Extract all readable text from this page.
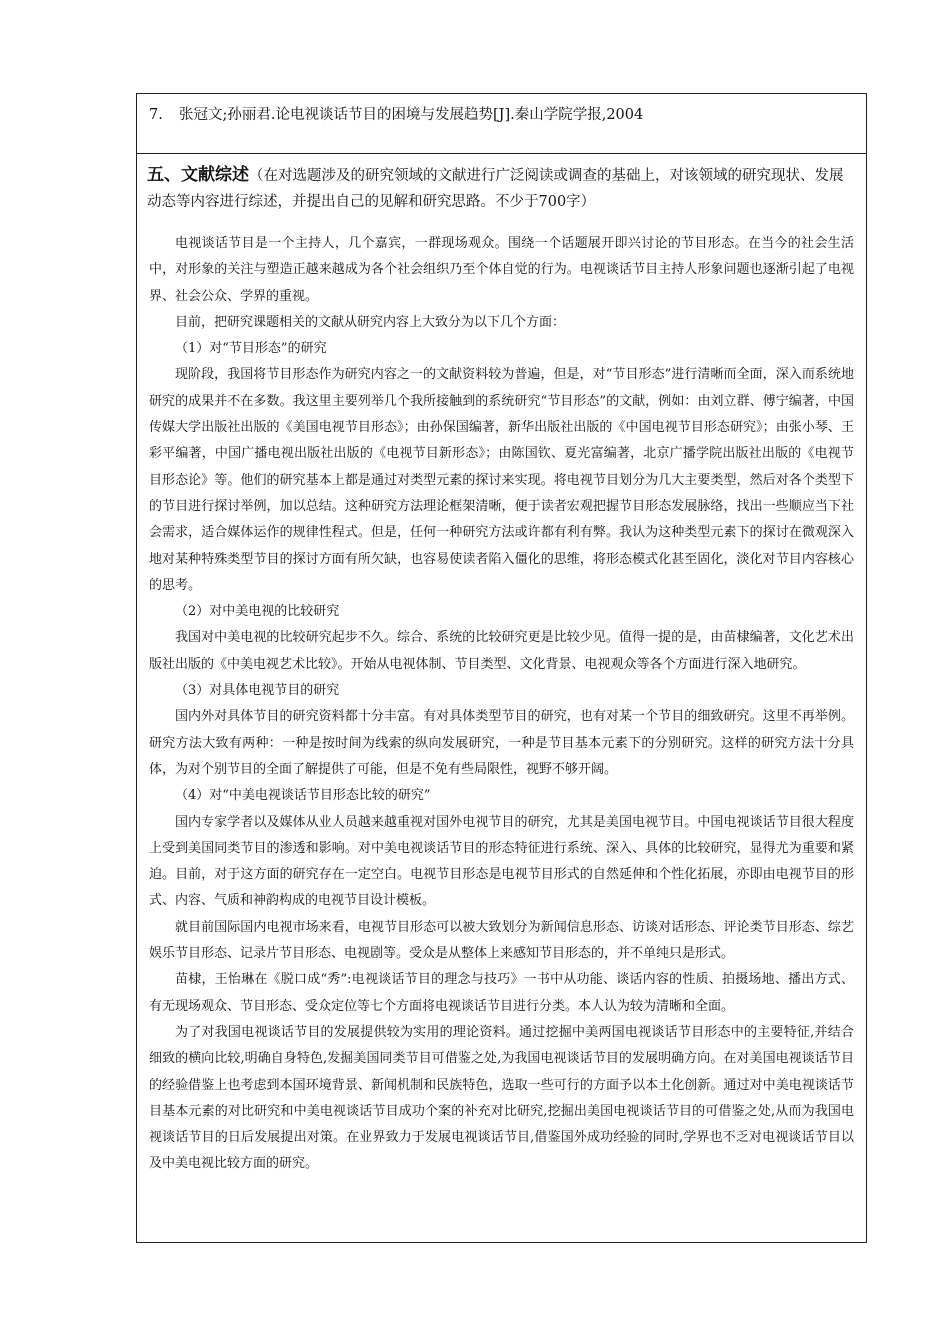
7. 张冠文;孙丽君.论电视谈话节目的困境与发展趋势[J].秦山学院学报,2004
五、文献综述（在对选题涉及的研究领域的文献进行广泛阅读或调查的基础上，对该领域的研究现状、发展动态等内容进行综述，并提出自己的见解和研究思路。不少于700字）

电视谈话节目是一个主持人，几个嘉宾，一群现场观众。围绕一个话题展开即兴讨论的节目形态。在当今的社会生活中，对形象的关注与塑造正越来越成为各个社会组织乃至个体自觉的行为。电视谈话节目主持人形象问题也逐渐引起了电视界、社会公众、学界的重视。

目前，把研究课题相关的文献从研究内容上大致分为以下几个方面：

（1）对“节目形态”的研究

现阶段，我国将节目形态作为研究内容之一的文献资料较为普遍，但是，对“节目形态”进行清晰而全面，深入而系统地研究的成果并不在多数。我这里主要列举几个我所接触到的系统研究“节目形态”的文献，例如：由刘立群、傅宁编著，中国传媒大学出版社出版的《美国电视节目形态》；由孙保国编著，新华出版社出版的《中国电视节目形态研究》；由张小琴、王彩平编著，中国广播电视出版社出版的《电视节目新形态》；由陈国钦、夏光富编著，北京广播学院出版社出版的《电视节目形态论》等。他们的研究基本上都是通过对类型元素的探讨来实现。将电视节目划分为几大主要类型，然后对各个类型下的节目进行探讨举例，加以总结。这种研究方法理论框架清晰，便于读者宏观把握节目形态发展脉络，找出一些顺应当下社会需求，适合媒体运作的规律性程式。但是，任何一种研究方法或许都有利有弊。我认为这种类型元素下的探讨在微观深入地对某种特殊类型节目的探讨方面有所欠缺，也容易使读者陷入僵化的思维，将形态模式化甚至固化，淡化对节目内容核心的思考。

（2）对中美电视的比较研究

我国对中美电视的比较研究起步不久。综合、系统的比较研究更是比较少见。值得一提的是，由苗棣编著，文化艺术出版社出版的《中美电视艺术比较》。开始从电视体制、节目类型、文化背景、电视观众等各个方面进行深入地研究。

（3）对具体电视节目的研究

国内外对具体节目的研究资料都十分丰富。有对具体类型节目的研究，也有对某一个节目的细致研究。这里不再举例。研究方法大致有两种：一种是按时间为线索的纵向发展研究，一种是节目基本元素下的分别研究。这样的研究方法十分具体，为对个别节目的全面了解提供了可能，但是不免有些局限性，视野不够开阔。

（4）对“中美电视谈话节目形态比较的研究”

国内专家学者以及媒体从业人员越来越重视对国外电视节目的研究，尤其是美国电视节目。中国电视谈话节目很大程度上受到美国同类节目的渗透和影响。对中美电视谈话节目的形态特征进行系统、深入、具体的比较研究，显得尤为重要和紧迫。目前，对于这方面的研究存在一定空白。电视节目形态是电视节目形式的自然延伸和个性化拓展，亦即由电视节目的形式、内容、气质和神韵构成的电视节目设计模板。

就目前国际国内电视市场来看，电视节目形态可以被大致划分为新闻信息形态、访谈对话形态、评论类节目形态、综艺娱乐节目形态、记录片节目形态、电视剧等。受众是从整体上来感知节目形态的，并不单纯只是形式。

苗棣，王怡琳在《脱口成“秀”:电视谈话节目的理念与技巧》一书中从功能、谈话内容的性质、拍摄场地、播出方式、有无现场观众、节目形态、受众定位等七个方面将电视谈话节目进行分类。本人认为较为清晰和全面。

为了对我国电视谈话节目的发展提供较为实用的理论资料。通过挖掘中美两国电视谈话节目形态中的主要特征,并结合细致的横向比较,明确自身特色,发掘美国同类节目可借鉴之处,为我国电视谈话节目的发展明确方向。在对美国电视谈话节目的经验借鉴上也考虑到本国环境背景、新闻机制和民族特色，选取一些可行的方面予以本土化创新。通过对中美电视谈话节目基本元素的对比研究和中美电视谈话节目成功个案的补充对比研究,挖掘出美国电视谈话节目的可借鉴之处,从而为我国电视谈话节目的日后发展提出对策。在业界致力于发展电视谈话节目,借鉴国外成功经验的同时,学界也不乏对电视谈话节目以及中美电视比较方面的研究。
